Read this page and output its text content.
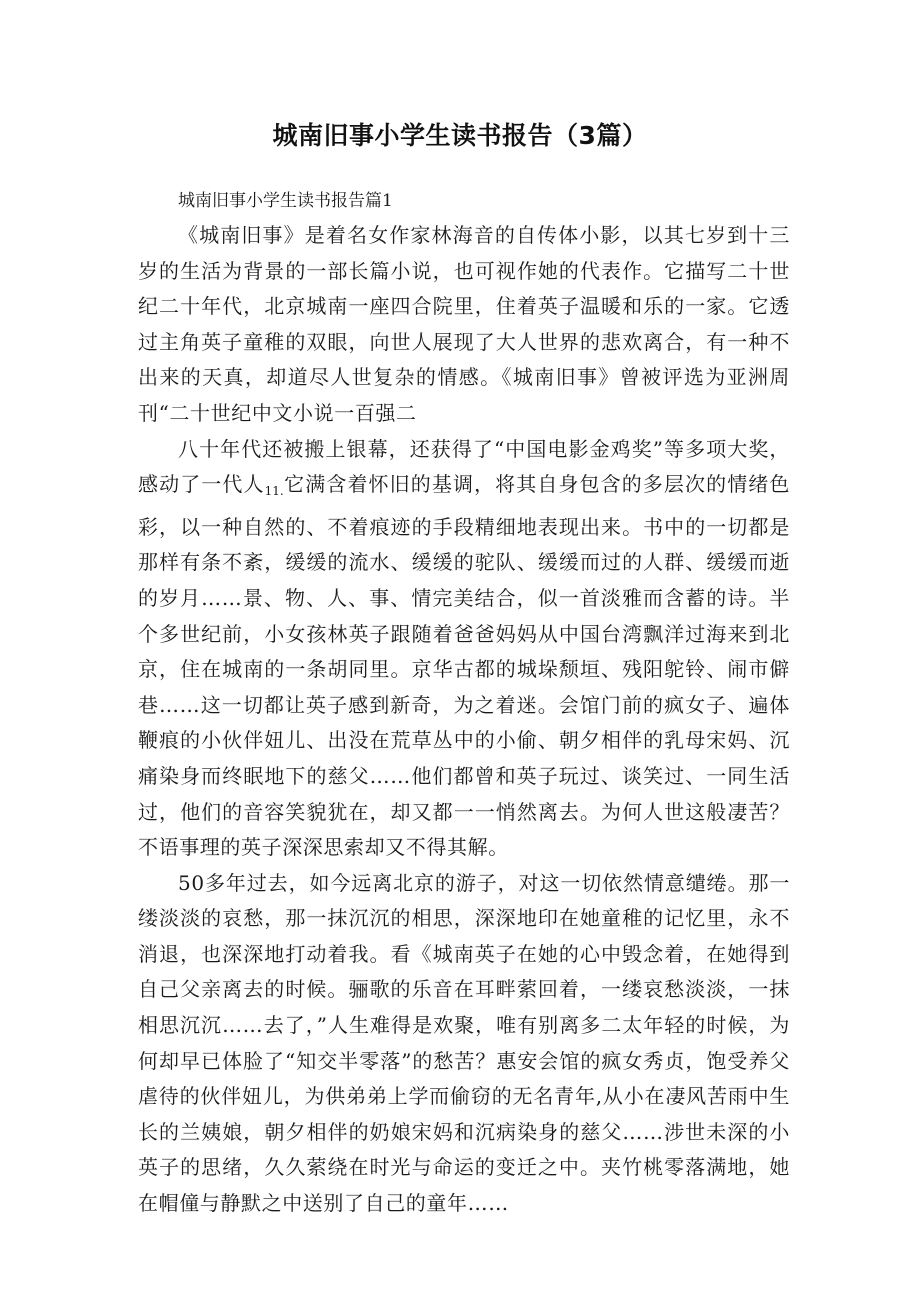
城南旧事小学生读书报告（3篇）

城南旧事小学生读书报告篇1

《城南旧事》是着名女作家林海音的自传体小影，以其七岁到十三岁的生活为背景的一部长篇小说，也可视作她的代表作。它描写二十世纪二十年代，北京城南一座四合院里，住着英子温暖和乐的一家。它透过主角英子童稚的双眼，向世人展现了大人世界的悲欢离合，有一种不出来的天真，却道尽人世复杂的情感。《城南旧事》曾被评选为亚洲周刊“二十世纪中文小说一百强二

八十年代还被搬上银幕，还获得了“中国电影金鸡奖”等多项大奖，感动了一代人$_{11.}$它满含着怀旧的基调，将其自身包含的多层次的情绪色彩，以一种自然的、不着痕迹的手段精细地表现出来。书中的一切都是那样有条不紊，缓缓的流水、缓缓的驼队、缓缓而过的人群、缓缓而逝的岁月……景、物、人、事、情完美结合，似一首淡雅而含蓄的诗。半个多世纪前，小女孩林英子跟随着爸爸妈妈从中国台湾飘洋过海来到北京，住在城南的一条胡同里。京华古都的城垛颓垣、残阳鸵铃、闹市僻巷……这一切都让英子感到新奇，为之着迷。会馆门前的疯女子、遍体鞭痕的小伙伴妞儿、出没在荒草丛中的小偷、朝夕相伴的乳母宋妈、沉痛染身而终眠地下的慈父……他们都曾和英子玩过、谈笑过、一同生活过，他们的音容笑貌犹在，却又都一一悄然离去。为何人世这般凄苦？不语事理的英子深深思索却又不得其解。

50多年过去，如今远离北京的游子，对这一切依然情意缱绻。那一缕淡淡的哀愁，那一抹沉沉的相思，深深地印在她童稚的记忆里，永不消退，也深深地打动着我。看《城南英子在她的心中毁念着，在她得到自己父亲离去的时候。骊歌的乐音在耳畔萦回着，一缕哀愁淡淡，一抹相思沉沉……去了，”人生难得是欢聚，唯有别离多二太年轻的时候，为何却早已体脸了“知交半零落”的愁苦？惠安会馆的疯女秀贞，饱受养父虐待的伙伴妞儿，为供弟弟上学而偷窃的无名青年,从小在凄风苦雨中生长的兰姨娘，朝夕相伴的奶娘宋妈和沉病染身的慈父……涉世未深的小英子的思绪，久久萦绕在时光与命运的变迁之中。夹竹桃零落满地，她在帽僮与静默之中送别了自己的童年……
